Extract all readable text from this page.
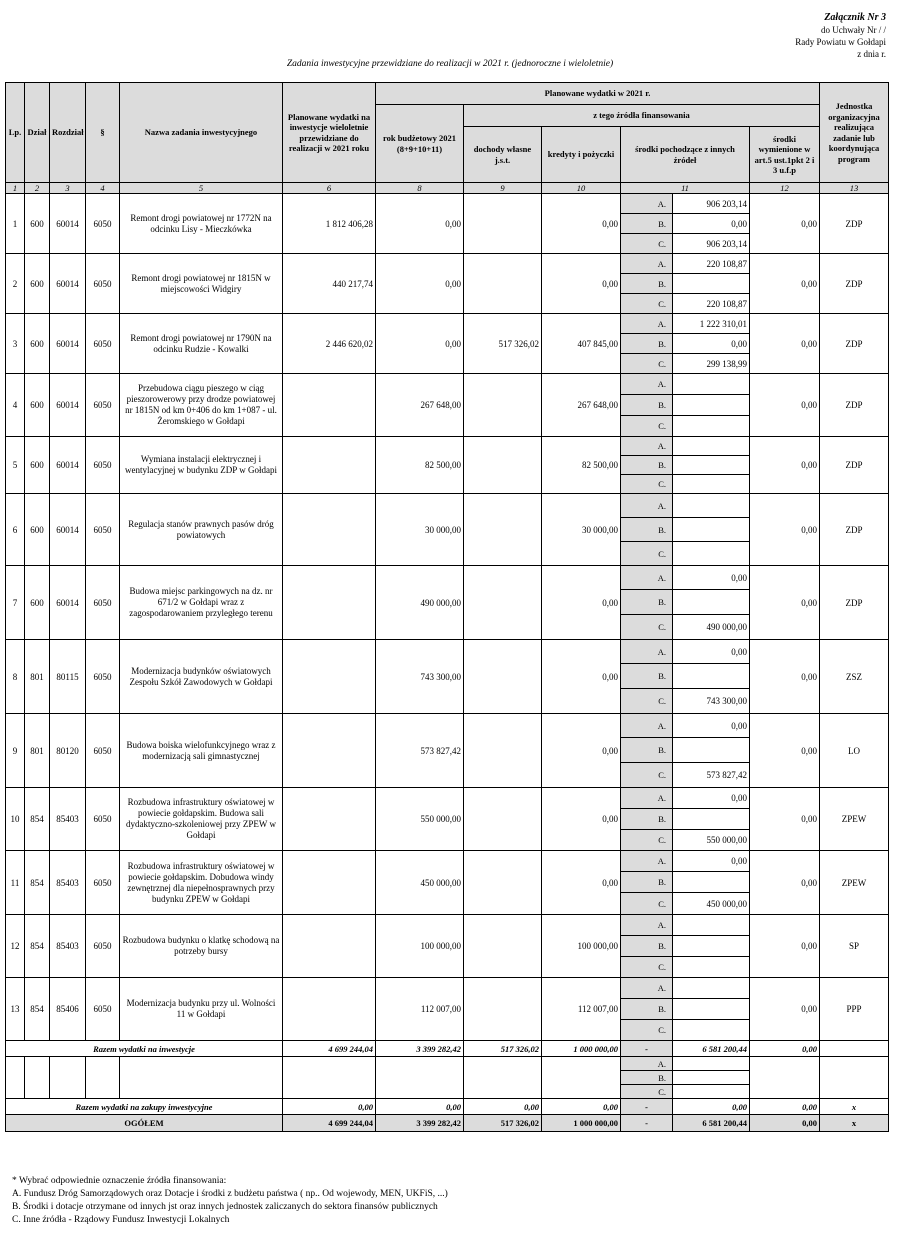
Załącznik Nr 3
do Uchwały Nr / /
Rady Powiatu w Gołdapi
z dnia r.
Zadania inwestycyjne przewidziane do realizacji w 2021 r. (jednoroczne i wieloletnie)
Lp.	Dział	Rozdział	§	Nazwa zadania inwestycyjnego	Planowane wydatki na inwestycje wieloletnie przewidziane do realizacji w 2021 roku	Planowane wydatki w 2021 r.						Jednostka organizacyjna realizująca zadanie lub koordynująca program
						rok budżetowy 2021 (8+9+10+11)	z tego źródła finansowania					
							dochody własne j.s.t.	kredyty i pożyczki	środki pochodzące z innych źródeł		środki wymienione w art.5 ust.1pkt 2 i 3 u.f.p	
1	2	3	4	5	6	8	9	10	11		12	13
1	600	60014	6050	Remont drogi powiatowej nr 1772N na odcinku Lisy - Mieczkówka	1 812 406,28	0,00		0,00	A.	906 203,14	0,00	ZDP
									B.	0,00		
									C.	906 203,14		
2	600	60014	6050	Remont drogi powiatowej nr 1815N w miejscowości Widgiry	440 217,74	0,00		0,00	A.	220 108,87	0,00	ZDP
									B.			
									C.	220 108,87		
3	600	60014	6050	Remont drogi powiatowej nr 1790N na odcinku Rudzie - Kowalki	2 446 620,02	0,00	517 326,02	407 845,00	A.	1 222 310,01	0,00	ZDP
									B.	0,00		
									C.	299 138,99		
4	600	60014	6050	Przebudowa ciągu pieszego w ciąg pieszorowerowy przy drodze powiatowej nr 1815N od km 0+406 do km 1+087 - ul. Żeromskiego w Gołdapi		267 648,00		267 648,00	A.		0,00	ZDP
									B.			
									C.			
5	600	60014	6050	Wymiana instalacji elektrycznej i wentylacyjnej w budynku ZDP w Gołdapi		82 500,00		82 500,00	A.		0,00	ZDP
									B.			
									C.			
6	600	60014	6050	Regulacja stanów prawnych pasów dróg powiatowych		30 000,00		30 000,00	A.		0,00	ZDP
									B.			
									C.			
7	600	60014	6050	Budowa miejsc parkingowych na dz. nr 671/2 w Gołdapi wraz z zagospodarowaniem przyległego terenu		490 000,00		0,00	A.	0,00	0,00	ZDP
									B.			
									C.	490 000,00		
8	801	80115	6050	Modernizacja budynków oświatowych Zespołu Szkół Zawodowych w Gołdapi		743 300,00		0,00	A.	0,00	0,00	ZSZ
									B.			
									C.	743 300,00		
9	801	80120	6050	Budowa boiska wielofunkcyjnego wraz z modernizacją sali gimnastycznej		573 827,42		0,00	A.	0,00	0,00	LO
									B.			
									C.	573 827,42		
10	854	85403	6050	Rozbudowa infrastruktury oświatowej w powiecie gołdapskim. Budowa sali dydaktyczno-szkoleniowej przy ZPEW w Gołdapi		550 000,00		0,00	A.	0,00	0,00	ZPEW
									B.			
									C.	550 000,00		
11	854	85403	6050	Rozbudowa infrastruktury oświatowej w powiecie gołdapskim. Dobudowa windy zewnętrznej dla niepełnosprawnych przy budynku ZPEW w Gołdapi		450 000,00		0,00	A.	0,00	0,00	ZPEW
									B.			
									C.	450 000,00		
12	854	85403	6050	Rozbudowa budynku o klatkę schodową na potrzeby bursy		100 000,00		100 000,00	A.		0,00	SP
									B.			
									C.			
13	854	85406	6050	Modernizacja budynku przy ul. Wolności 11 w Gołdapi		112 007,00		112 007,00	A.		0,00	PPP
									B.			
									C.			
Razem wydatki na inwestycje					4 699 244,04	3 399 282,42	517 326,02	1 000 000,00	-	6 581 200,44	0,00	
									A.			
									B.			
									C.			
Razem wydatki na zakupy inwestycyjne					0,00	0,00	0,00	0,00	-	0,00	0,00	x
OGÓŁEM					4 699 244,04	3 399 282,42	517 326,02	1 000 000,00	-	6 581 200,44	0,00	x
* Wybrać odpowiednie oznaczenie źródła finansowania:
A. Fundusz Dróg Samorządowych oraz Dotacje i środki z budżetu państwa ( np.. Od wojewody, MEN, UKFiS, ...)
B. Środki i dotacje otrzymane od innych jst oraz innych jednostek zaliczanych do sektora finansów publicznych
C. Inne źródła - Rządowy Fundusz Inwestycji Lokalnych
